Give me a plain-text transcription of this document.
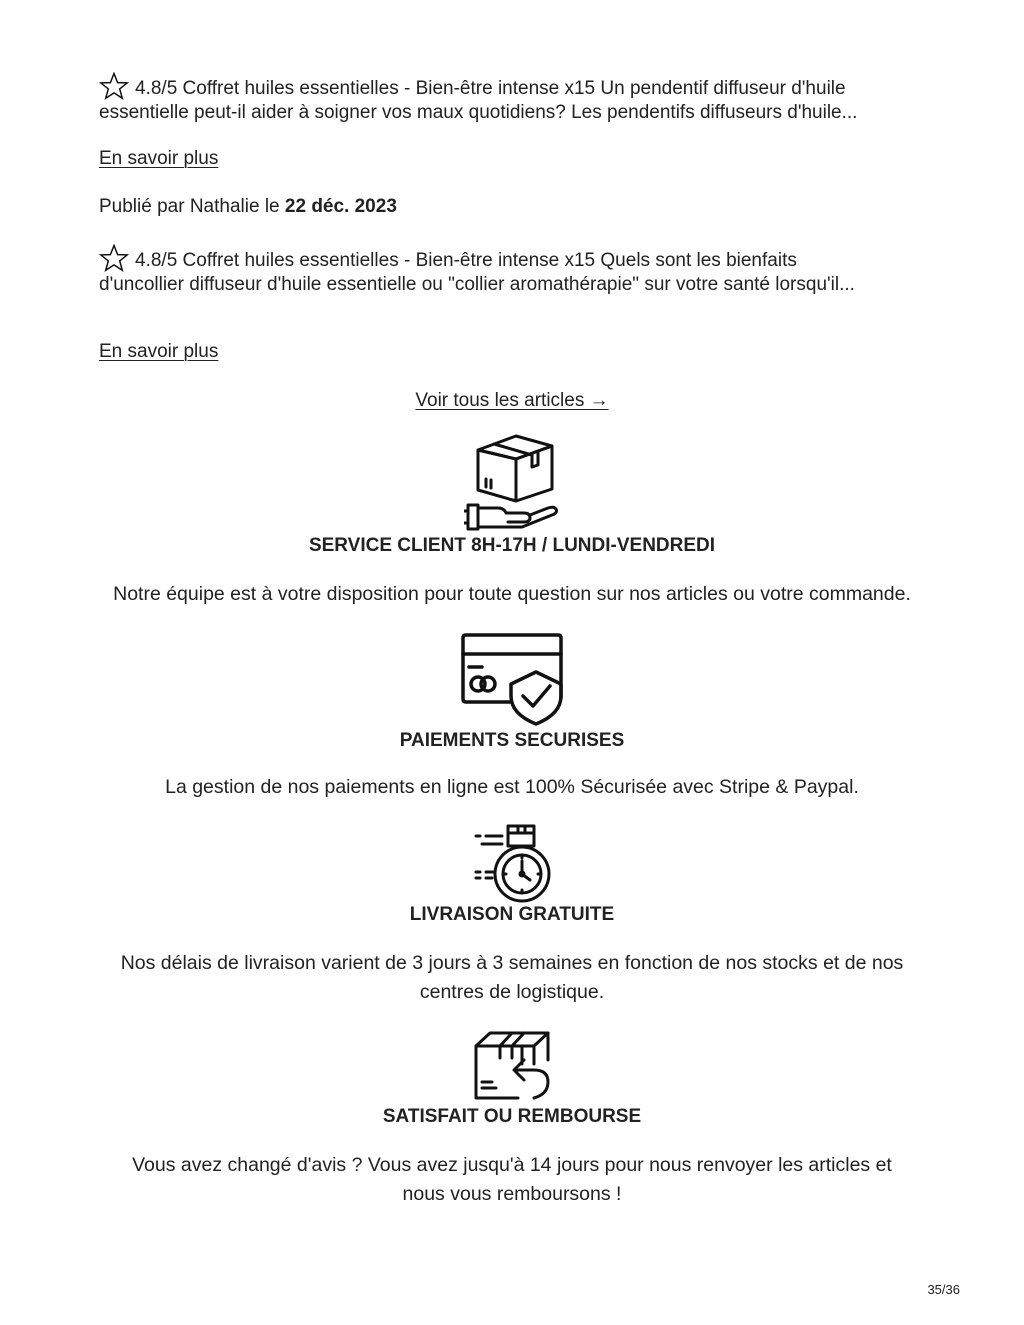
4.8/5 Coffret huiles essentielles - Bien-être intense x15 Un pendentif diffuseur d'huile essentielle peut-il aider à soigner vos maux quotidiens? Les pendentifs diffuseurs d'huile...
En savoir plus
Publié par Nathalie le 22 déc. 2023
4.8/5 Coffret huiles essentielles - Bien-être intense x15 Quels sont les bienfaits d'uncollier diffuseur d'huile essentielle ou "collier aromathérapie" sur votre santé lorsqu'il...
En savoir plus
Voir tous les articles →
SERVICE CLIENT 8H-17H / LUNDI-VENDREDI
Notre équipe est à votre disposition pour toute question sur nos articles ou votre commande.
PAIEMENTS SECURISES
La gestion de nos paiements en ligne est 100% Sécurisée avec Stripe & Paypal.
LIVRAISON GRATUITE
Nos délais de livraison varient de 3 jours à 3 semaines en fonction de nos stocks et de nos centres de logistique.
SATISFAIT OU REMBOURSE
Vous avez changé d'avis ? Vous avez jusqu'à 14 jours pour nous renvoyer les articles et nous vous remboursons !
35/36
